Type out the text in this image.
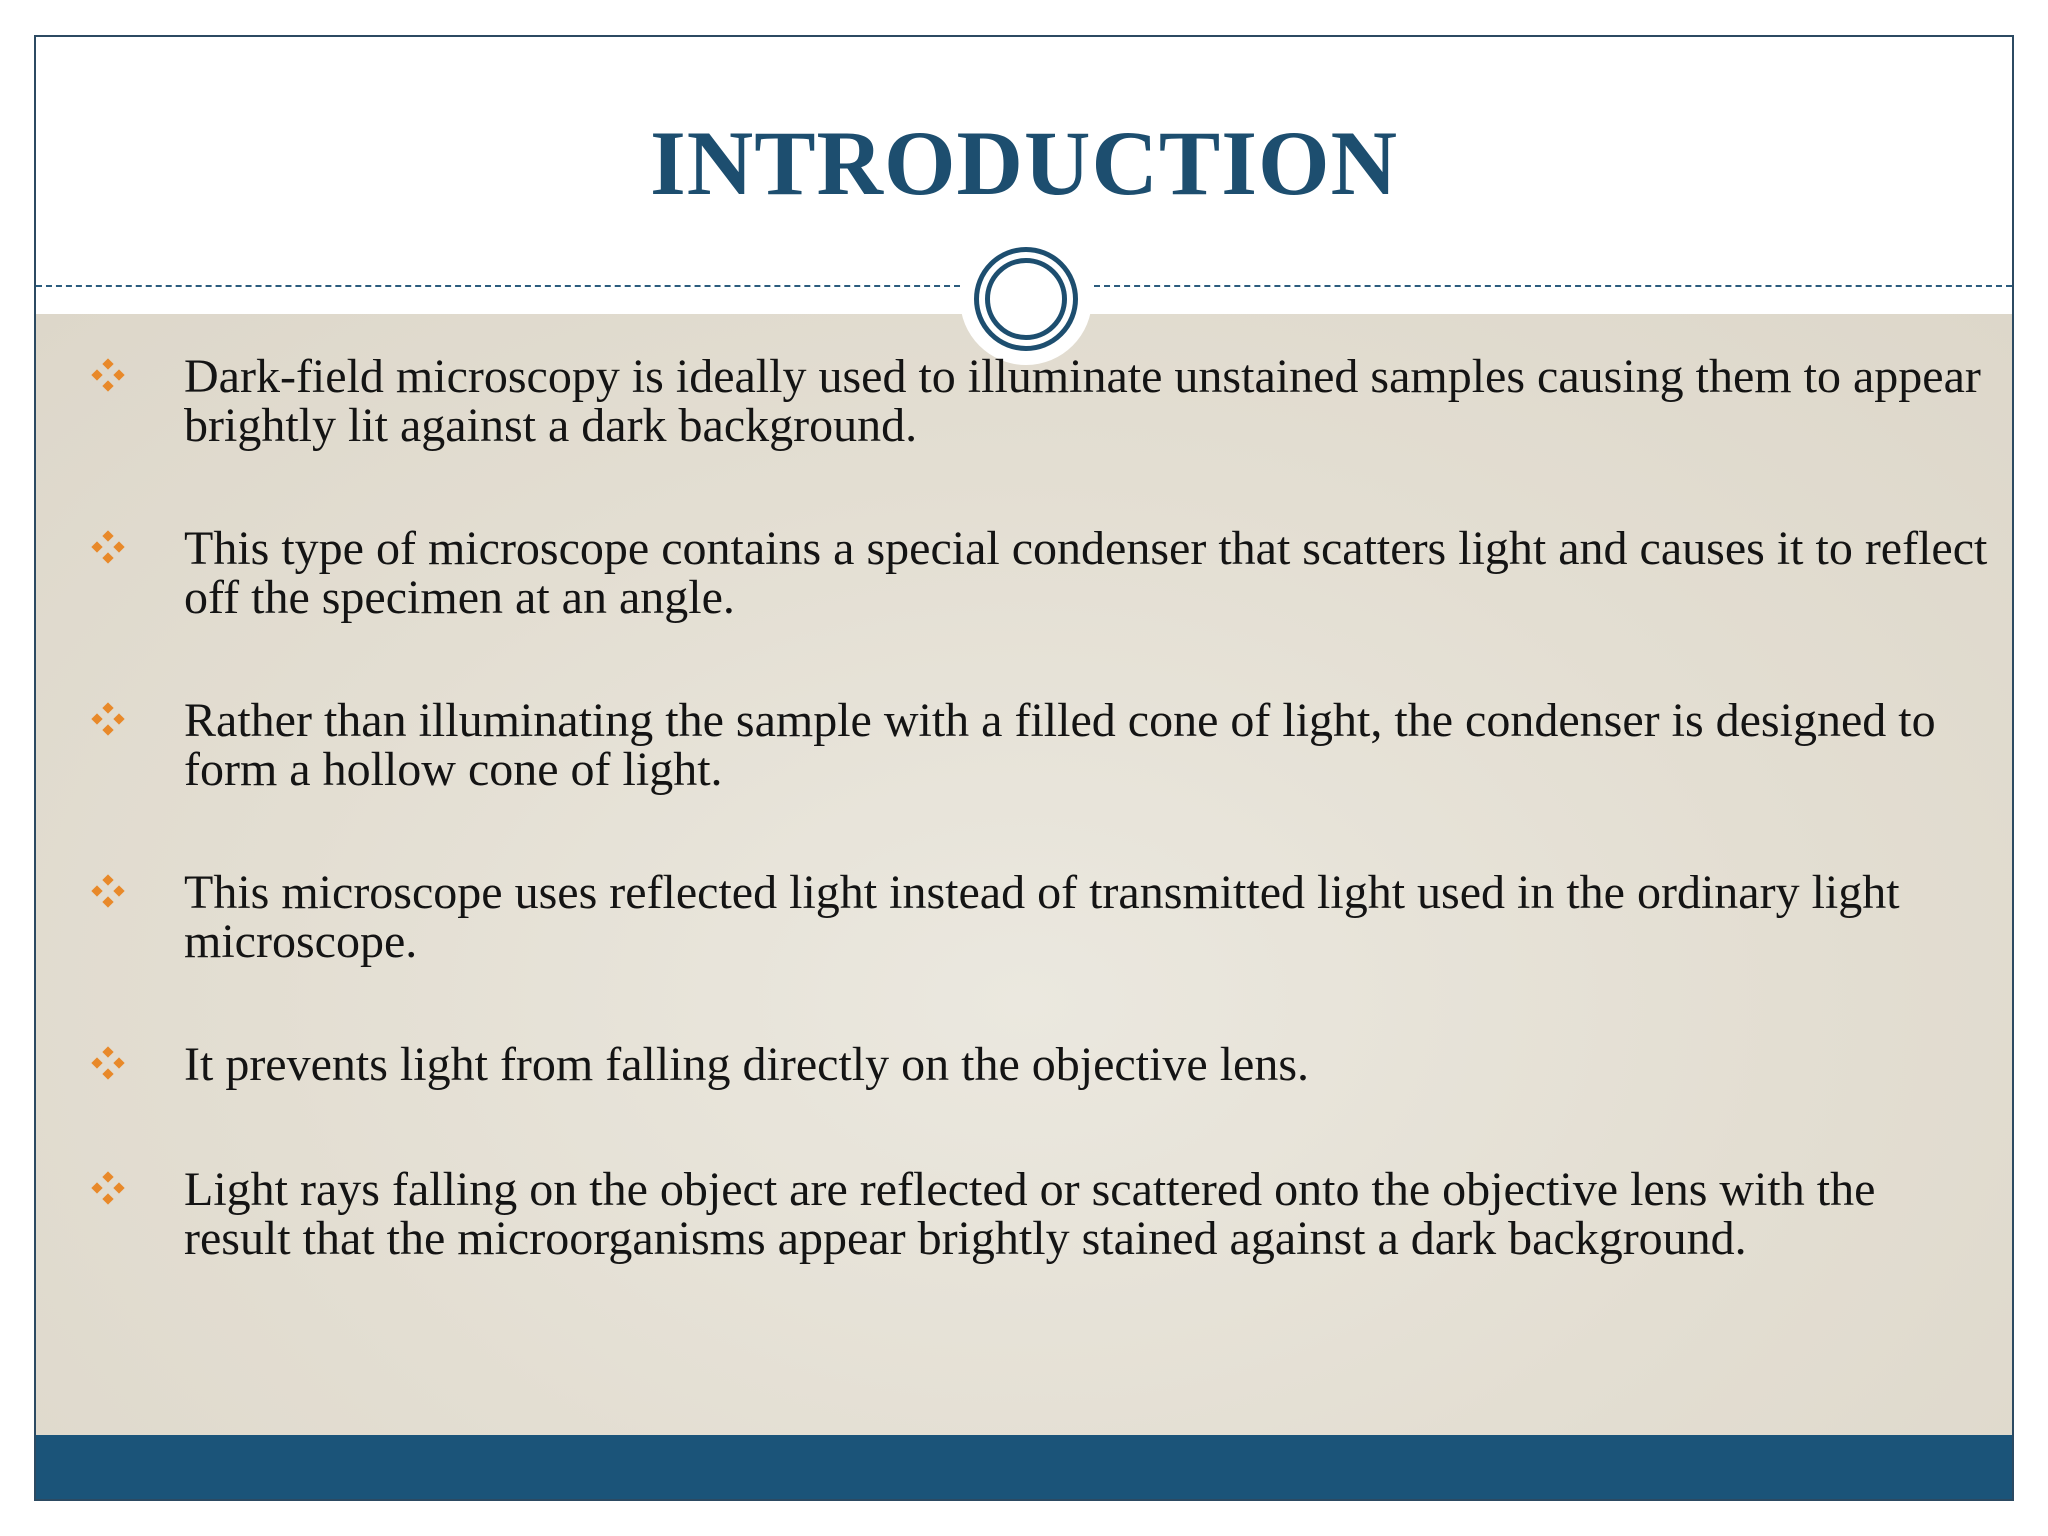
INTRODUCTION
Dark-field microscopy is ideally used to illuminate unstained samples causing them to appear brightly lit against a dark background.
This type of microscope contains a special condenser that scatters light and causes it to reflect off the specimen at an angle.
Rather than illuminating the sample with a filled cone of light, the condenser is designed to form a hollow cone of light.
This microscope uses reflected light instead of transmitted light used in the ordinary light microscope.
It prevents light from falling directly on the objective lens.
Light rays falling on the object are reflected or scattered onto the objective lens with the result that the microorganisms appear brightly stained against a dark background.
